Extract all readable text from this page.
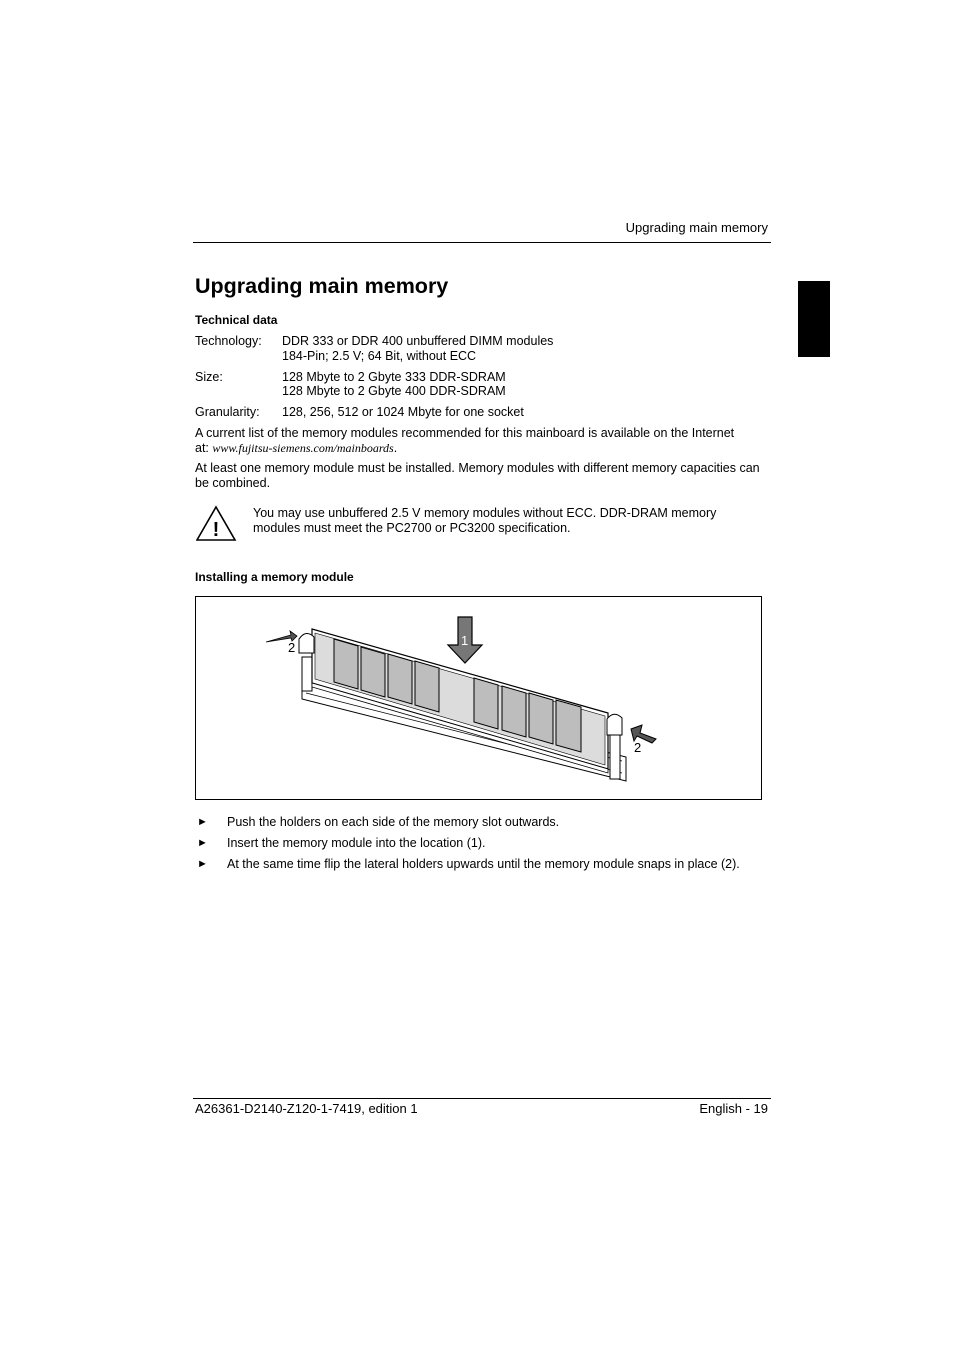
Upgrading main memory
Upgrading main memory
Technical data
Technology: DDR 333 or DDR 400 unbuffered DIMM modules
184-Pin; 2.5 V; 64 Bit, without ECC
Size:	128 Mbyte to 2 Gbyte 333 DDR-SDRAM
128 Mbyte to 2 Gbyte 400 DDR-SDRAM
Granularity: 128, 256, 512 or 1024 Mbyte for one socket
A current list of the memory modules recommended for this mainboard is available on the Internet
at: www.fujitsu-siemens.com/mainboards.
At least one memory module must be installed. Memory modules with different memory capacities can be combined.
!
You may use unbuffered 2.5 V memory modules without ECC. DDR-DRAM memory modules must meet the PC2700 or PC3200 specification.
Installing a memory module
1
2
2
► Push the holders on each side of the memory slot outwards.
► Insert the memory module into the location (1).
► At the same time flip the lateral holders upwards until the memory module snaps in place (2).
A26361-D2140-Z120-1-7419, edition 1	English - 19
